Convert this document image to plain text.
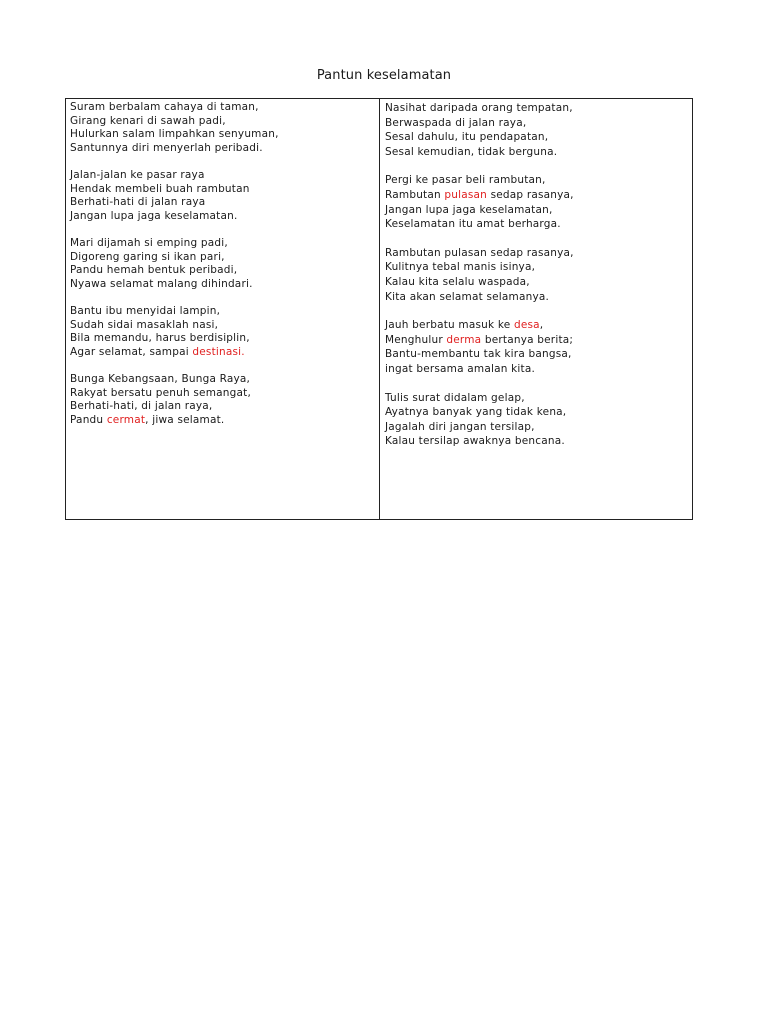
Pantun keselamatan
Suram berbalam cahaya di taman,
Girang kenari di sawah padi,
Hulurkan salam limpahkan senyuman,
Santunnya diri menyerlah peribadi.
Jalan-jalan ke pasar raya
Hendak membeli buah rambutan
Berhati-hati di jalan raya
Jangan lupa jaga keselamatan.
Mari dijamah si emping padi,
Digoreng garing si ikan pari,
Pandu hemah bentuk peribadi,
Nyawa selamat malang dihindari.
Bantu ibu menyidai lampin,
Sudah sidai masaklah nasi,
Bila memandu, harus berdisiplin,
Agar selamat, sampai destinasi.
Bunga Kebangsaan, Bunga Raya,
Rakyat bersatu penuh semangat,
Berhati-hati, di jalan raya,
Pandu cermat, jiwa selamat.
Nasihat daripada orang tempatan,
Berwaspada di jalan raya,
Sesal dahulu, itu pendapatan,
Sesal kemudian, tidak berguna.
Pergi ke pasar beli rambutan,
Rambutan pulasan sedap rasanya,
Jangan lupa jaga keselamatan,
Keselamatan itu amat berharga.
Rambutan pulasan sedap rasanya,
Kulitnya tebal manis isinya,
Kalau kita selalu waspada,
Kita akan selamat selamanya.
Jauh berbatu masuk ke desa,
Menghulur derma bertanya berita;
Bantu-membantu tak kira bangsa,
ingat bersama amalan kita.
Tulis surat didalam gelap,
Ayatnya banyak yang tidak kena,
Jagalah diri jangan tersilap,
Kalau tersilap awaknya bencana.
